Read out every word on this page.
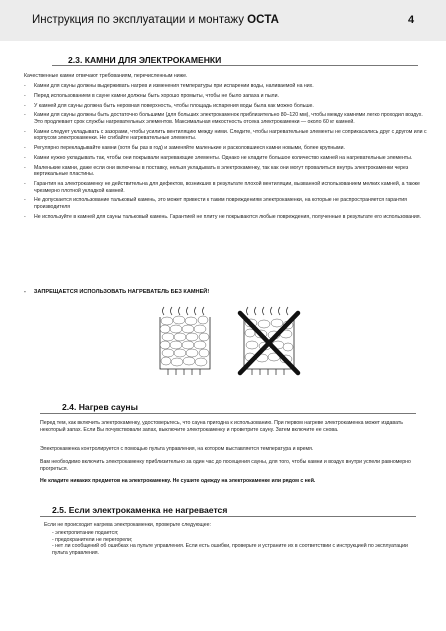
Инструкция по эксплуатации и монтажу OCTA	4
2.3. КАМНИ ДЛЯ ЭЛЕКТРОКАМЕНКИ
Качественные камни отвечают требованиям, перечисленным ниже.
- Камни для сауны должны выдерживать нагрев и изменения температуры при испарении воды, наливаемой на них.
- Перед использованием в сауне камни должны быть хорошо промыты, чтобы не было запаха и пыли.
- У камней для сауны должна быть неровная поверхность, чтобы площадь испарения воды была как можно больше.
- Камни для сауны должны быть достаточно большими (для больших электрокаменок приблизительно 80–120 мм), чтобы между камнями легко проходил воздух. Это продлевает срок службы нагревательных элементов. Максимальная емкостность отсека электрокаменки — около 60 кг камней.
- Камни следует укладывать с зазорами, чтобы усилить вентиляцию между ними. Следите, чтобы нагревательные элементы не соприкасались друг с другом или с корпусом электрокаменки. Не сгибайте нагревательные элементы.
- Регулярно перекладывайте камни (хотя бы раз в год) и заменяйте маленькие и расколовшиеся камни новыми, более крупными.
- Камни нужно укладывать так, чтобы они покрывали нагревающие элементы. Однако не кладите большое количество камней на нагревательные элементы.
- Маленькие камни, даже если они включены в поставку, нельзя укладывать в электрокаменку, так как они могут провалиться внутрь электрокаменки через вертикальные пластины.
- Гарантия на электрокаменку не действительна для дефектов, возникших в результате плохой вентиляции, вызванной использованием мелких камней, а также чрезмерно плотной укладкой камней.
- Не допускается использование тальковый камень, это может привести к таким повреждениям электрокаменки, на которые не распространяется гарантия производителя
- Не используйте в камней для сауны тальковый камень. Гарантией не плиту не покрываются любые повреждения, полученные в результате его использования.
- ЗАПРЕЩАЕТСЯ ИСПОЛЬЗОВАТЬ НАГРЕВАТЕЛЬ БЕЗ КАМНЕЙ!
2.4. Нагрев сауны
Перед тем, как включить электрокаменку, удостоверьтесь, что сауна пригодна к использованию. При первом нагреве электрокаменка может издавать некоторый запах. Если Вы почувствовали запах, выключите электрокаменку и проветрите сауну. Затем включите ее снова.
Электрокаменка контролируется с помощью пульта управления, на котором выставляется температура и время.
Вам необходимо включить электрокаменку приблизительно за один час до посещения сауны, для того, чтобы камни и воздух внутри успели равномерно прогреться.
Не кладите никаких предметов на электрокаменку. Не сушите одежду на электрокаменке или рядом с ней.
2.5. Если электрокаменка не нагревается
Если не происходит нагрева электрокаменки, проверьте следующее:
- электропитание подается;
- предохранители не перегорели;
- нет ли сообщений об ошибках на пульте управления. Если есть ошибки, проверьте и устраните их в соответствии с инструкцией по эксплуатации пульта управления.
